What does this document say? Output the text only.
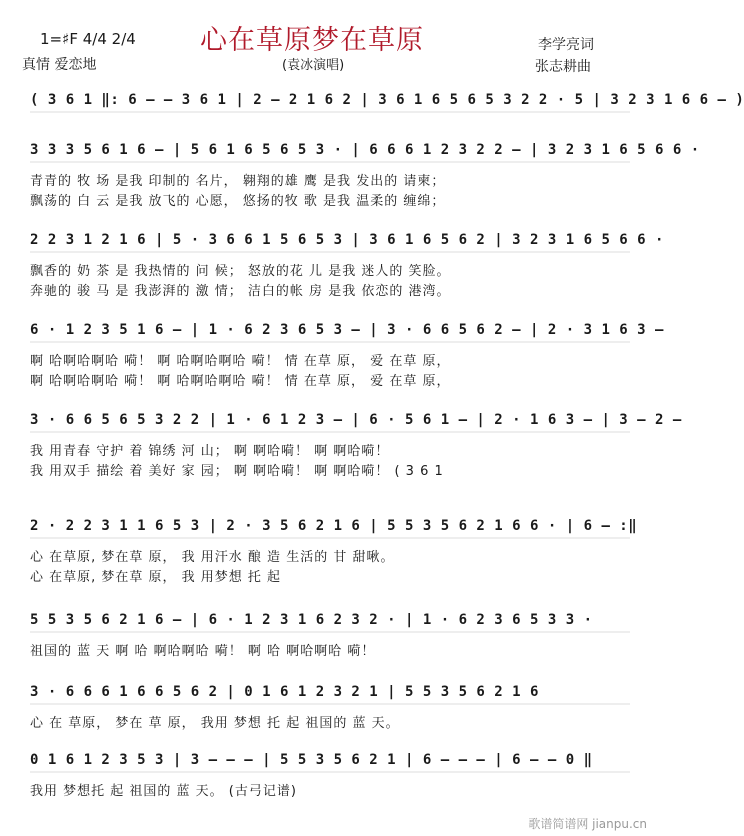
心在草原梦在草原
1=♯F 4/4 2/4
真情 爱恋地	(袁冰演唱)
李学亮词
张志耕曲
( 3 6 1 ‖: 6 – – 3 6 1 | 2 – 2 1 6 2 | 3 6 1 6 5 6 5 3 2 2 · 5 | 3 2 3 1 6 6 – )
3 3 3 5 6 1 6 – | 5 6 1 6 5 6 5 3 · | 6 6 6 1 2 3 2 2 – | 3 2 3 1 6 5 6 6 ·
青青的 牧 场 是我 印制的 名片， 翱翔的雄 鹰 是我 发出的 请柬；
飘荡的 白 云 是我 放飞的 心愿， 悠扬的牧 歌 是我 温柔的 缠绵；
2 2 3 1 2 1 6 | 5 · 3 6 6 1 5 6 5 3 | 3 6 1 6 5 6 2 | 3 2 3 1 6 5 6 6 ·
飘香的 奶 茶 是 我热情的 问 候； 怒放的花 儿 是我 迷人的 笑脸。
奔驰的 骏 马 是 我澎湃的 激 情； 洁白的帐 房 是我 依恋的 港湾。
6 · 1 2 3 5 1 6 – | 1 · 6 2 3 6 5 3 – | 3 · 6 6 5 6 2 – | 2 · 3 1 6 3 –
啊 哈啊哈啊哈 嗬！ 啊 哈啊哈啊哈 嗬！ 情 在草 原， 爱 在草 原，
啊 哈啊哈啊哈 嗬！ 啊 哈啊哈啊哈 嗬！ 情 在草 原， 爱 在草 原，
3 · 6 6 5 6 5 3 2 2 | 1 · 6 1 2 3 – | 6 · 5 6 1 – | 2 · 1 6 3 – | 3 – 2 –
我 用青春 守护 着 锦绣 河 山； 啊 啊哈嗬！ 啊 啊哈嗬！
我 用双手 描绘 着 美好 家 园； 啊 啊哈嗬！ 啊 啊哈嗬！ ( 3 6 1
2 · 2 2 3 1 1 6 5 3 | 2 · 3 5 6 2 1 6 | 5 5 3 5 6 2 1 6 6 · | 6 – :‖
心 在草原, 梦在草 原， 我 用汗水 酿 造 生活的 甘 甜啾。
心 在草原, 梦在草 原， 我 用梦想 托 起
5 5 3 5 6 2 1 6 – | 6 · 1 2 3 1 6 2 3 2 · | 1 · 6 2 3 6 5 3 3 ·
祖国的 蓝 天 啊 哈 啊哈啊哈 嗬！ 啊 哈 啊哈啊哈 嗬！
3 · 6 6 6 1 6 6 5 6 2 | 0 1 6 1 2 3 2 1 | 5 5 3 5 6 2 1 6
心 在 草原， 梦在 草 原， 我用 梦想 托 起 祖国的 蓝 天。
0 1 6 1 2 3 5 3 | 3 – – – | 5 5 3 5 6 2 1 | 6 – – – | 6 – – 0 ‖
我用 梦想托 起 祖国的 蓝 天。 (古弓记谱)
歌谱简谱网 jianpu.cn
